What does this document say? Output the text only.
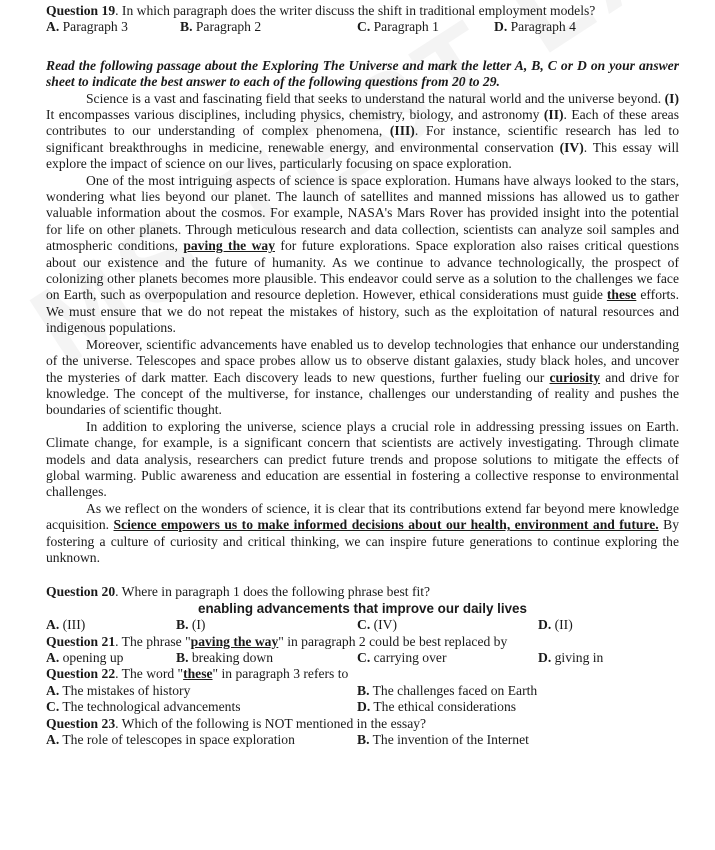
Question 19. In which paragraph does the writer discuss the shift in traditional employment models?
A. Paragraph 3	B. Paragraph 2	C. Paragraph 1	D. Paragraph 4
Read the following passage about the Exploring The Universe and mark the letter A, B, C or D on your answer sheet to indicate the best answer to each of the following questions from 20 to 29.
Science is a vast and fascinating field that seeks to understand the natural world and the universe beyond. (I) It encompasses various disciplines, including physics, chemistry, biology, and astronomy (II). Each of these areas contributes to our understanding of complex phenomena, (III). For instance, scientific research has led to significant breakthroughs in medicine, renewable energy, and environmental conservation (IV). This essay will explore the impact of science on our lives, particularly focusing on space exploration.
One of the most intriguing aspects of science is space exploration. Humans have always looked to the stars, wondering what lies beyond our planet. The launch of satellites and manned missions has allowed us to gather valuable information about the cosmos. For example, NASA's Mars Rover has provided insight into the potential for life on other planets. Through meticulous research and data collection, scientists can analyze soil samples and atmospheric conditions, paving the way for future explorations. Space exploration also raises critical questions about our existence and the future of humanity. As we continue to advance technologically, the prospect of colonizing other planets becomes more plausible. This endeavor could serve as a solution to the challenges we face on Earth, such as overpopulation and resource depletion. However, ethical considerations must guide these efforts. We must ensure that we do not repeat the mistakes of history, such as the exploitation of natural resources and indigenous populations.
Moreover, scientific advancements have enabled us to develop technologies that enhance our understanding of the universe. Telescopes and space probes allow us to observe distant galaxies, study black holes, and uncover the mysteries of dark matter. Each discovery leads to new questions, further fueling our curiosity and drive for knowledge. The concept of the multiverse, for instance, challenges our understanding of reality and pushes the boundaries of scientific thought.
In addition to exploring the universe, science plays a crucial role in addressing pressing issues on Earth. Climate change, for example, is a significant concern that scientists are actively investigating. Through climate models and data analysis, researchers can predict future trends and propose solutions to mitigate the effects of global warming. Public awareness and education are essential in fostering a collective response to environmental challenges.
As we reflect on the wonders of science, it is clear that its contributions extend far beyond mere knowledge acquisition. Science empowers us to make informed decisions about our health, environment and future. By fostering a culture of curiosity and critical thinking, we can inspire future generations to continue exploring the unknown.
Question 20. Where in paragraph 1 does the following phrase best fit?
enabling advancements that improve our daily lives
A. (III)	B. (I)	C. (IV)	D. (II)
Question 21. The phrase "paving the way" in paragraph 2 could be best replaced by
A. opening up	B. breaking down	C. carrying over	D. giving in
Question 22. The word "these" in paragraph 3 refers to
A. The mistakes of history	B. The challenges faced on Earth
C. The technological advancements	D. The ethical considerations
Question 23. Which of the following is NOT mentioned in the essay?
A. The role of telescopes in space exploration	B. The invention of the Internet
